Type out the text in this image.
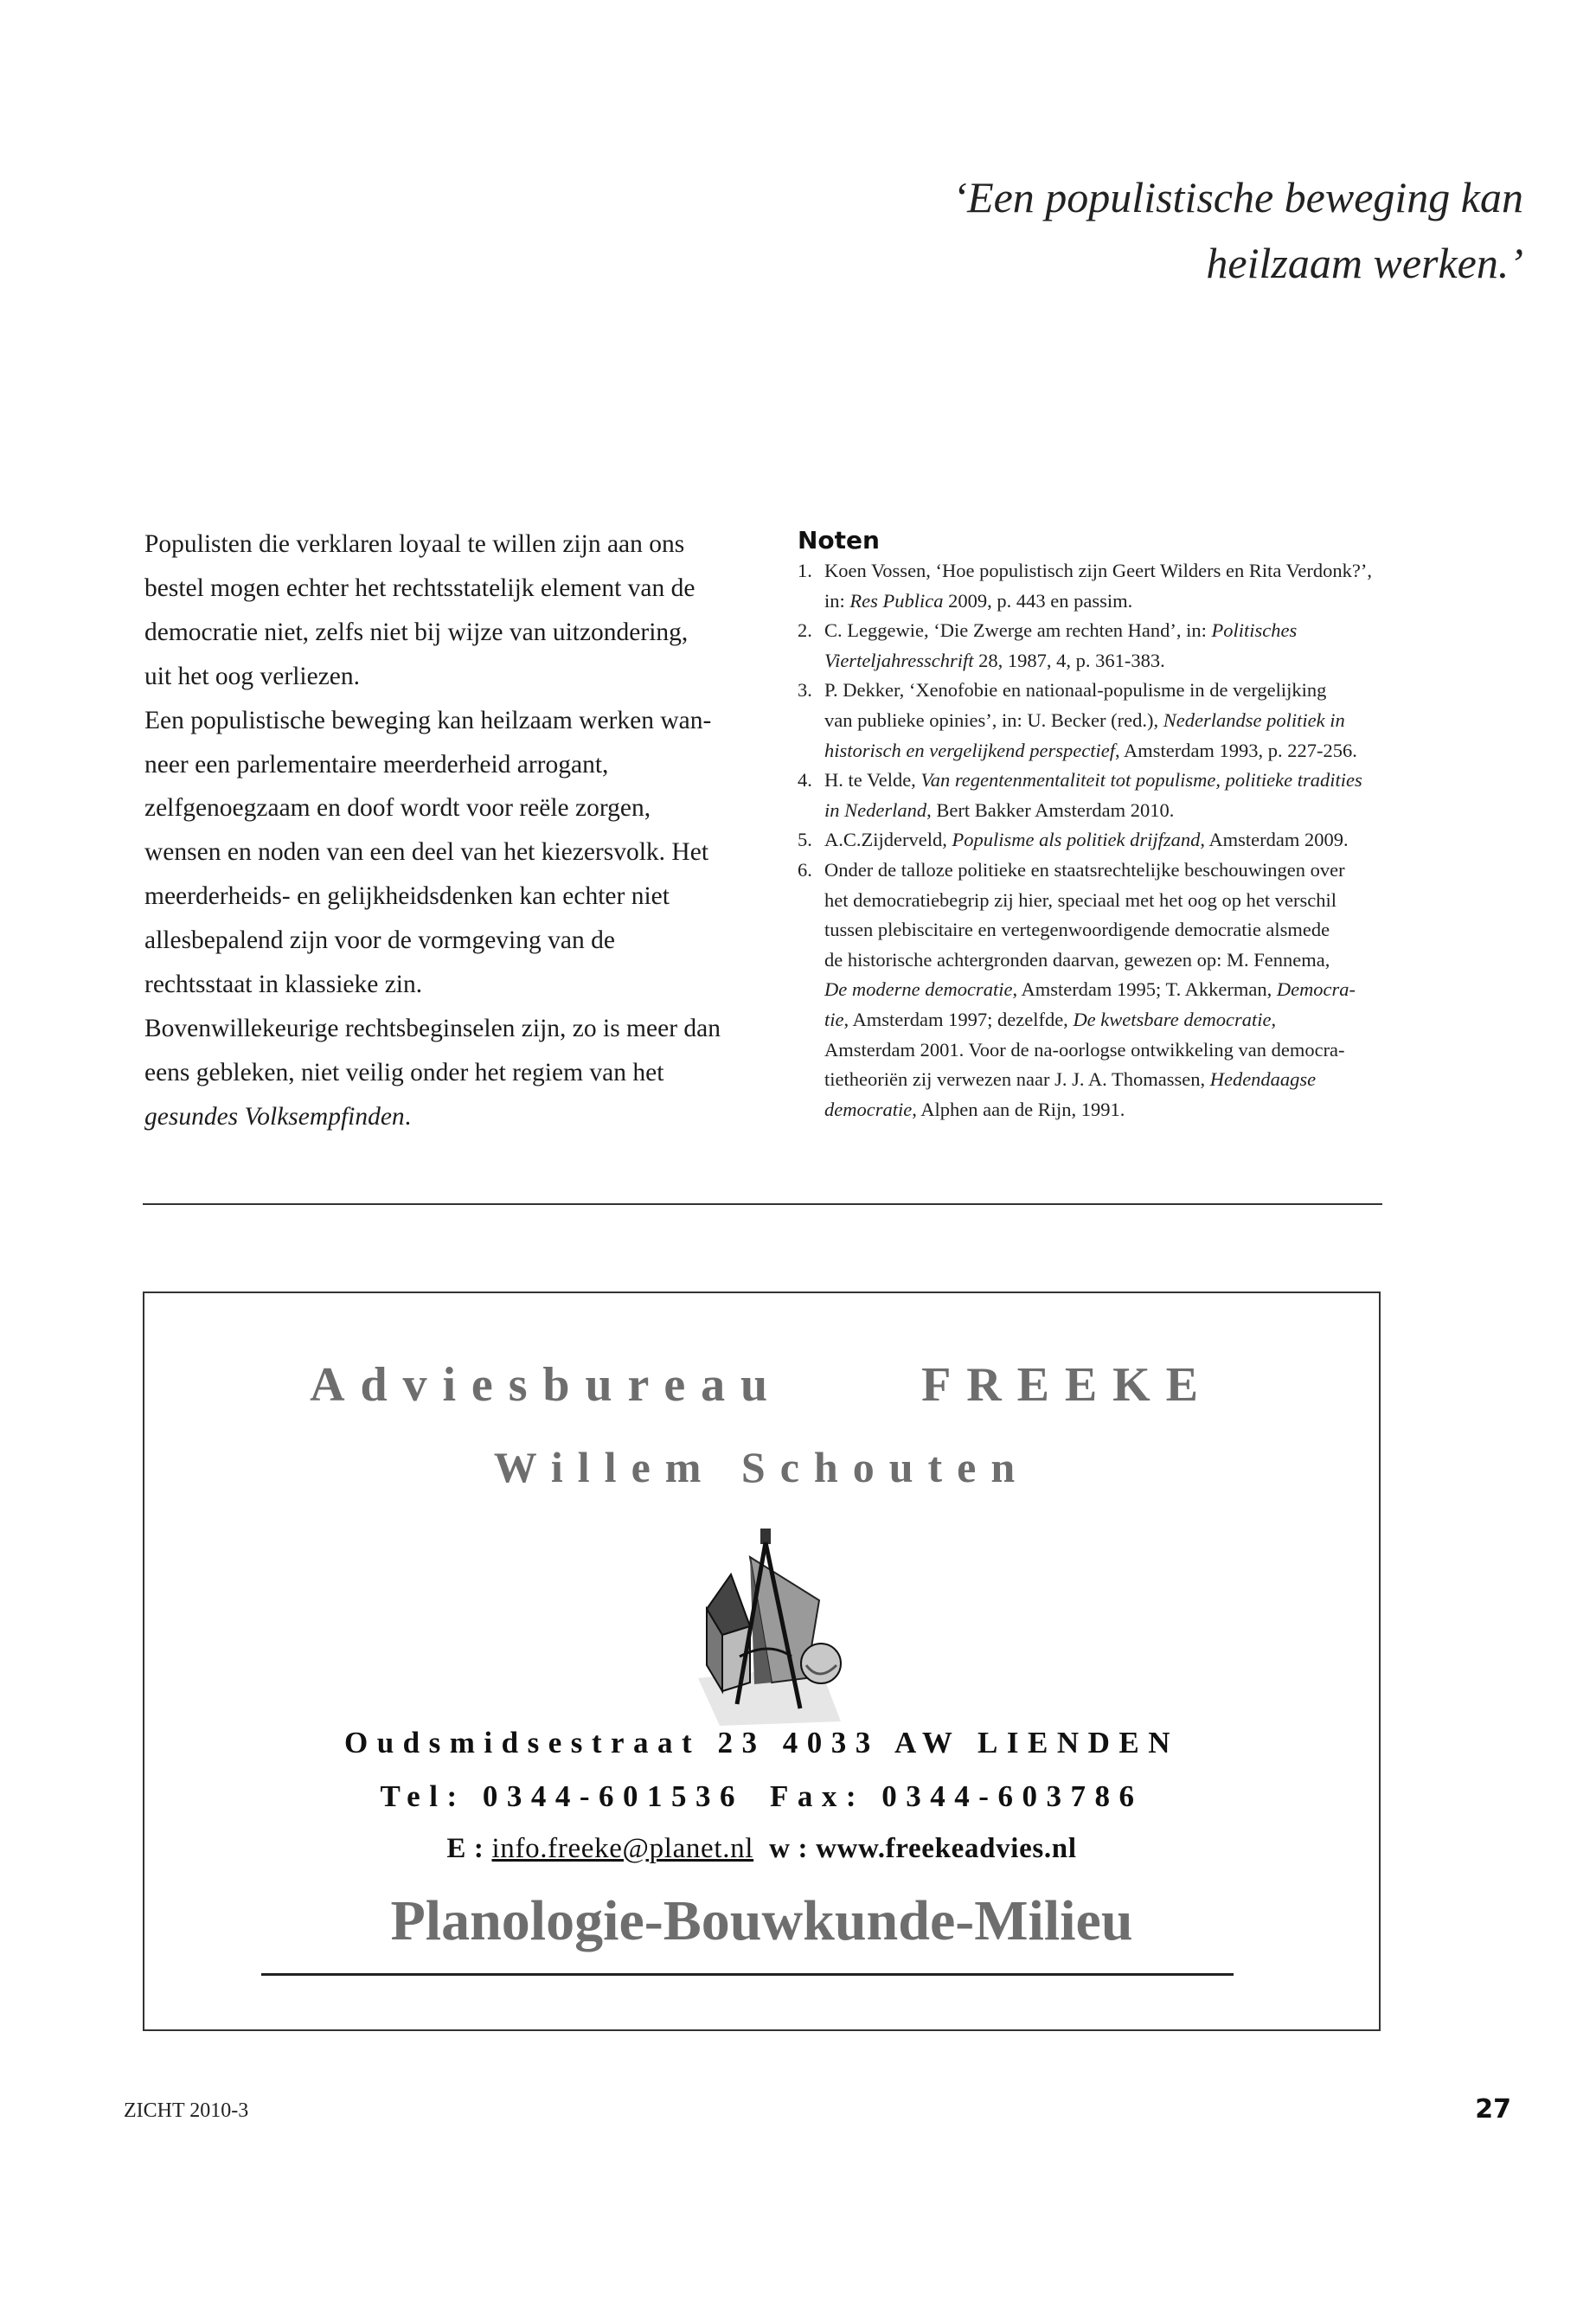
‘Een populistische beweging kan
heilzaam werken.’

Populisten die verklaren loyaal te willen zijn aan ons

bestel mogen echter het rechtsstatelijk element van de

democratie niet, zelfs niet bij wijze van uitzondering,

uit het oog verliezen.

Een populistische beweging kan heilzaam werken wan-

neer een parlementaire meerderheid arrogant,

zelfgenoegzaam en doof wordt voor reële zorgen,

wensen en noden van een deel van het kiezersvolk. Het

meerderheids- en gelijkheidsdenken kan echter niet

allesbepalend zijn voor de vormgeving van de

rechtsstaat in klassieke zin.

Bovenwillekeurige rechtsbeginselen zijn, zo is meer dan

eens gebleken, niet veilig onder het regiem van het

gesundes Volksempfinden.

Noten
1. Koen Vossen, ‘Hoe populistisch zijn Geert Wilders en Rita Verdonk?’,
in: Res Publica 2009, p. 443 en passim.
2. C. Leggewie, ‘Die Zwerge am rechten Hand’, in: Politisches
Vierteljahresschrift 28, 1987, 4, p. 361-383.
3. P. Dekker, ‘Xenofobie en nationaal-populisme in de vergelijking
van publieke opinies’, in: U. Becker (red.), Nederlandse politiek in
historisch en vergelijkend perspectief, Amsterdam 1993, p. 227-256.
4. H. te Velde, Van regentenmentaliteit tot populisme, politieke tradities
in Nederland, Bert Bakker Amsterdam 2010.
5. A.C.Zijderveld, Populisme als politiek drijfzand, Amsterdam 2009.
6. Onder de talloze politieke en staatsrechtelijke beschouwingen over
het democratiebegrip zij hier, speciaal met het oog op het verschil
tussen plebiscitaire en vertegenwoordigende democratie alsmede
de historische achtergronden daarvan, gewezen op: M. Fennema,
De moderne democratie, Amsterdam 1995; T. Akkerman, Democra-
tie, Amsterdam 1997; dezelfde, De kwetsbare democratie,
Amsterdam 2001. Voor de na-oorlogse ontwikkeling van democra-
tietheoriën zij verwezen naar J. J. A. Thomassen, Hedendaagse
democratie, Alphen aan de Rijn, 1991.
Adviesbureau	FREEKE
Willem Schouten
Oudsmidsestraat 23 4033 AW LIENDEN
Tel: 0344-601536 Fax: 0344-603786
E : info.freeke@planet.nl w : www.freekeadvies.nl
Planologie-Bouwkunde-Milieu
ZICHT 2010-3	27
